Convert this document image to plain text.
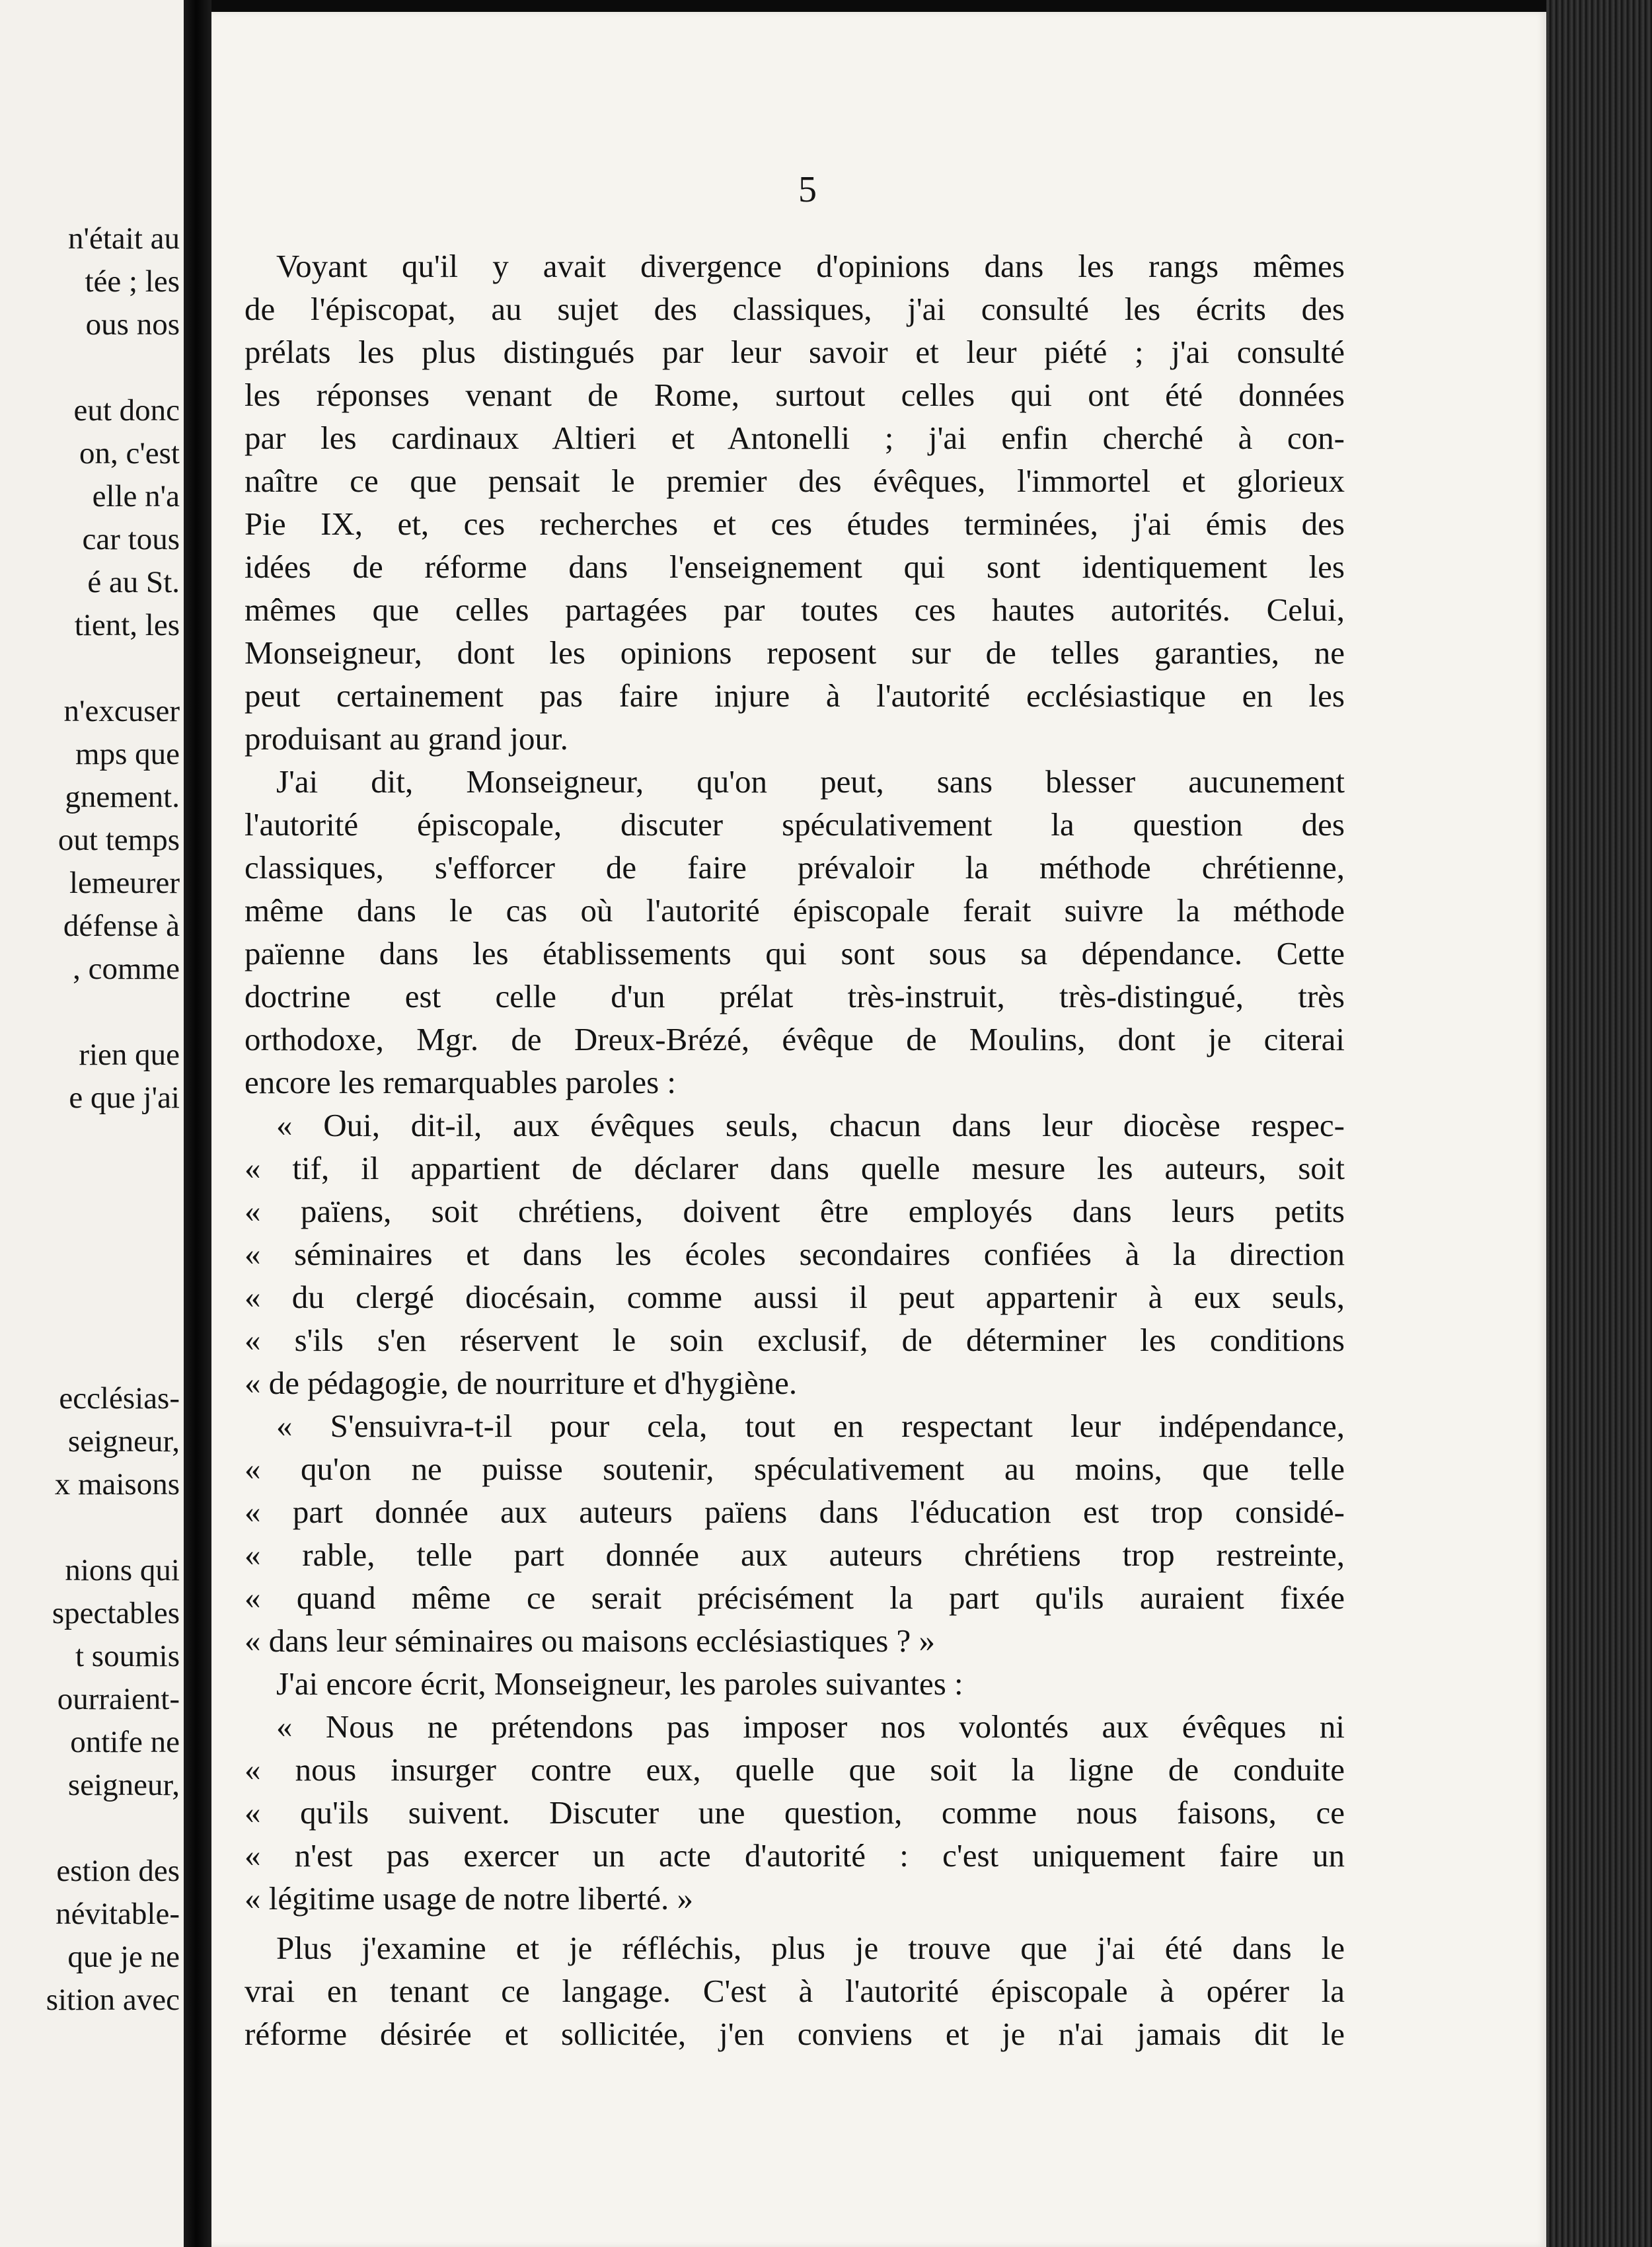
n'était au
tée ; les
ous nos
eut donc
on, c'est
elle n'a
car tous
é au St.
tient, les
n'excuser
mps que
gnement.
out temps
lemeurer
défense à
, comme
rien que
e que j'ai
ecclésias-
seigneur,
x maisons
nions qui
spectables
t soumis
ourraient-
ontife ne
seigneur,
estion des
névitable-
que je ne
sition avec
5
Voyant qu'il y avait divergence d'opinions dans les rangs mêmes
de l'épiscopat, au sujet des classiques, j'ai consulté les écrits des
prélats les plus distingués par leur savoir et leur piété ; j'ai consulté
les réponses venant de Rome, surtout celles qui ont été données
par les cardinaux Altieri et Antonelli ; j'ai enfin cherché à con-
naître ce que pensait le premier des évêques, l'immortel et glorieux
Pie IX, et, ces recherches et ces études terminées, j'ai émis des
idées de réforme dans l'enseignement qui sont identiquement les
mêmes que celles partagées par toutes ces hautes autorités. Celui,
Monseigneur, dont les opinions reposent sur de telles garanties, ne
peut certainement pas faire injure à l'autorité ecclésiastique en les
produisant au grand jour.
J'ai dit, Monseigneur, qu'on peut, sans blesser aucunement
l'autorité épiscopale, discuter spéculativement la question des
classiques, s'efforcer de faire prévaloir la méthode chrétienne,
même dans le cas où l'autorité épiscopale ferait suivre la méthode
païenne dans les établissements qui sont sous sa dépendance. Cette
doctrine est celle d'un prélat très-instruit, très-distingué, très
orthodoxe, Mgr. de Dreux-Brézé, évêque de Moulins, dont je citerai
encore les remarquables paroles :
« Oui, dit-il, aux évêques seuls, chacun dans leur diocèse respec-
« tif, il appartient de déclarer dans quelle mesure les auteurs, soit
« païens, soit chrétiens, doivent être employés dans leurs petits
« séminaires et dans les écoles secondaires confiées à la direction
« du clergé diocésain, comme aussi il peut appartenir à eux seuls,
« s'ils s'en réservent le soin exclusif, de déterminer les conditions
« de pédagogie, de nourriture et d'hygiène.
« S'ensuivra-t-il pour cela, tout en respectant leur indépendance,
« qu'on ne puisse soutenir, spéculativement au moins, que telle
« part donnée aux auteurs païens dans l'éducation est trop considé-
« rable, telle part donnée aux auteurs chrétiens trop restreinte,
« quand même ce serait précisément la part qu'ils auraient fixée
« dans leur séminaires ou maisons ecclésiastiques ? »
J'ai encore écrit, Monseigneur, les paroles suivantes :
« Nous ne prétendons pas imposer nos volontés aux évêques ni
« nous insurger contre eux, quelle que soit la ligne de conduite
« qu'ils suivent. Discuter une question, comme nous faisons, ce
« n'est pas exercer un acte d'autorité : c'est uniquement faire un
« légitime usage de notre liberté. »
Plus j'examine et je réfléchis, plus je trouve que j'ai été dans le
vrai en tenant ce langage. C'est à l'autorité épiscopale à opérer la
réforme désirée et sollicitée, j'en conviens et je n'ai jamais dit le
